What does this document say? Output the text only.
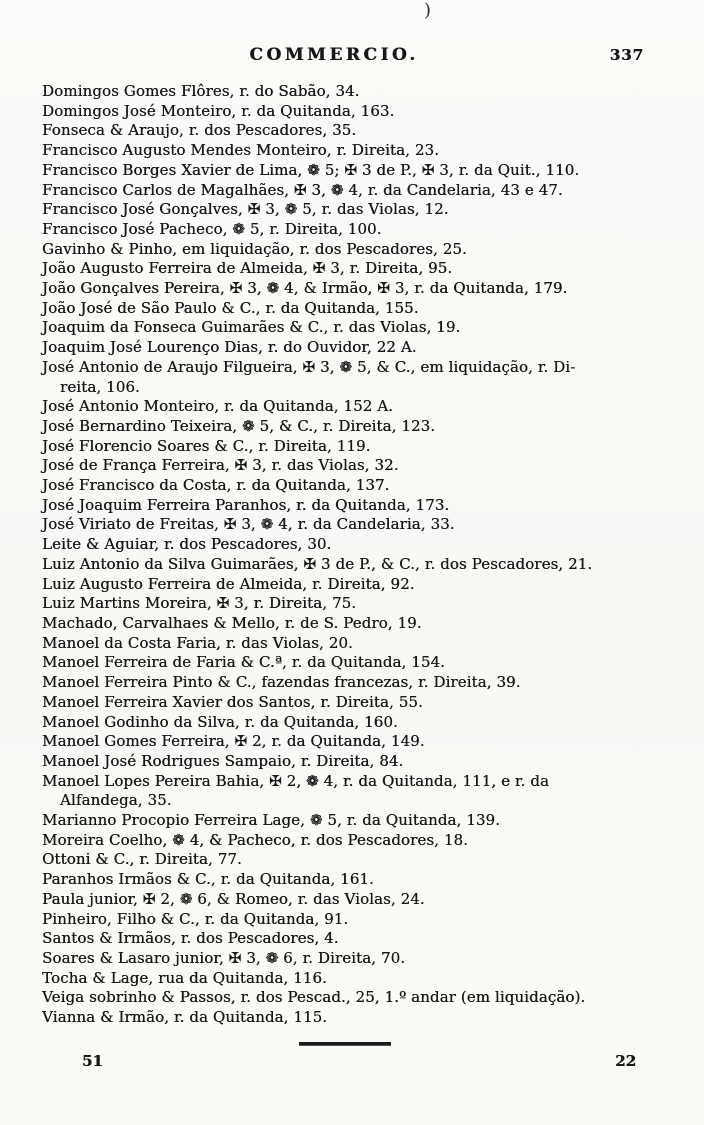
)
COMMERCIO.	337
Domingos Gomes Flôres, r. do Sabão, 34.
Domingos José Monteiro, r. da Quitanda, 163.
Fonseca & Araujo, r. dos Pescadores, 35.
Francisco Augusto Mendes Monteiro, r. Direita, 23.
Francisco Borges Xavier de Lima, ❁ 5; ✠ 3 de P., ✠ 3, r. da Quit., 110.
Francisco Carlos de Magalhães, ✠ 3, ❁ 4, r. da Candelaria, 43 e 47.
Francisco José Gonçalves, ✠ 3, ❁ 5, r. das Violas, 12.
Francisco José Pacheco, ❁ 5, r. Direita, 100.
Gavinho & Pinho, em liquidação, r. dos Pescadores, 25.
João Augusto Ferreira de Almeida, ✠ 3, r. Direita, 95.
João Gonçalves Pereira, ✠ 3, ❁ 4, & Irmão, ✠ 3, r. da Quitanda, 179.
João José de São Paulo & C., r. da Quitanda, 155.
Joaquim da Fonseca Guimarães & C., r. das Violas, 19.
Joaquim José Lourenço Dias, r. do Ouvidor, 22 A.
José Antonio de Araujo Filgueira, ✠ 3, ❁ 5, & C., em liquidação, r. Di-
reita, 106.
José Antonio Monteiro, r. da Quitanda, 152 A.
José Bernardino Teixeira, ❁ 5, & C., r. Direita, 123.
José Florencio Soares & C., r. Direita, 119.
José de França Ferreira, ✠ 3, r. das Violas, 32.
José Francisco da Costa, r. da Quitanda, 137.
José Joaquim Ferreira Paranhos, r. da Quitanda, 173.
José Viriato de Freitas, ✠ 3, ❁ 4, r. da Candelaria, 33.
Leite & Aguiar, r. dos Pescadores, 30.
Luiz Antonio da Silva Guimarães, ✠ 3 de P., & C., r. dos Pescadores, 21.
Luiz Augusto Ferreira de Almeida, r. Direita, 92.
Luiz Martins Moreira, ✠ 3, r. Direita, 75.
Machado, Carvalhaes & Mello, r. de S. Pedro, 19.
Manoel da Costa Faria, r. das Violas, 20.
Manoel Ferreira de Faria & C.ª, r. da Quitanda, 154.
Manoel Ferreira Pinto & C., fazendas francezas, r. Direita, 39.
Manoel Ferreira Xavier dos Santos, r. Direita, 55.
Manoel Godinho da Silva, r. da Quitanda, 160.
Manoel Gomes Ferreira, ✠ 2, r. da Quitanda, 149.
Manoel José Rodrigues Sampaio, r. Direita, 84.
Manoel Lopes Pereira Bahia, ✠ 2, ❁ 4, r. da Quitanda, 111, e r. da
Alfandega, 35.
Marianno Procopio Ferreira Lage, ❁ 5, r. da Quitanda, 139.
Moreira Coelho, ❁ 4, & Pacheco, r. dos Pescadores, 18.
Ottoni & C., r. Direita, 77.
Paranhos Irmãos & C., r. da Quitanda, 161.
Paula junior, ✠ 2, ❁ 6, & Romeo, r. das Violas, 24.
Pinheiro, Filho & C., r. da Quitanda, 91.
Santos & Irmãos, r. dos Pescadores, 4.
Soares & Lasaro junior, ✠ 3, ❁ 6, r. Direita, 70.
Tocha & Lage, rua da Quitanda, 116.
Veiga sobrinho & Passos, r. dos Pescad., 25, 1.º andar (em liquidação).
Vianna & Irmão, r. da Quitanda, 115.
51	22
